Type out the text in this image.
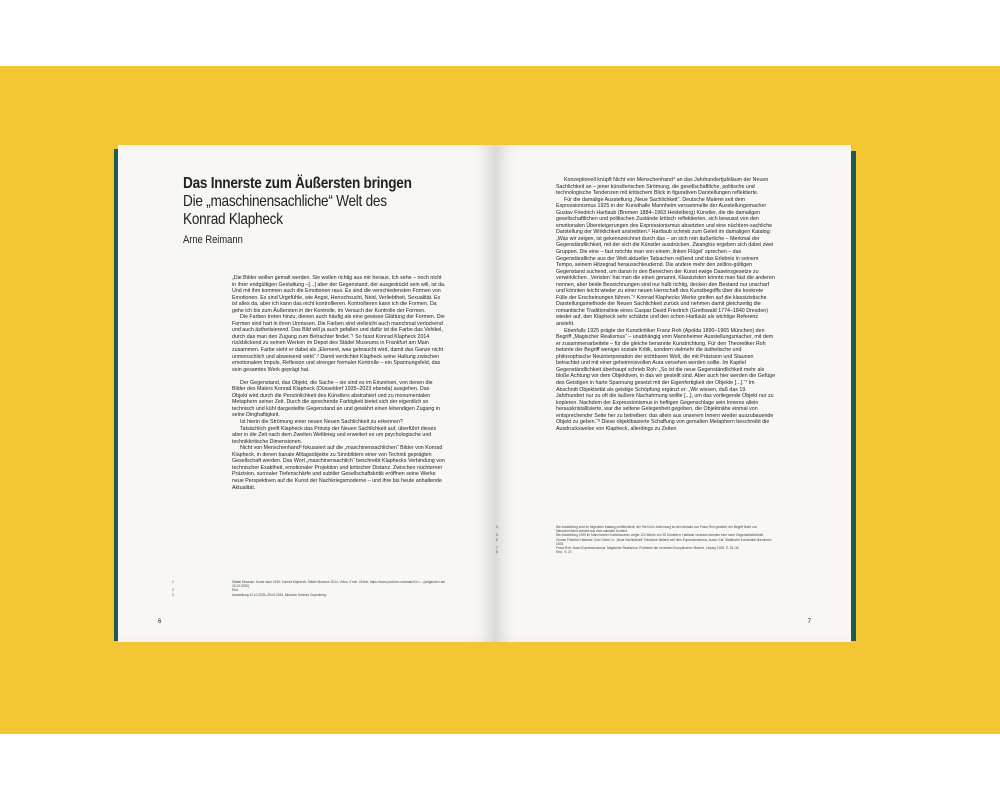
Das Innerste zum Äußersten bringen
Die „maschinensachliche“ Welt des Konrad Klapheck
Arne Reimann

„Die Bilder wollen gemalt werden. Sie wollen richtig aus mir heraus. Ich sehe – noch nicht in ihrer endgültigen Gestaltung –[...] aber der Gegenstand, der ausgedrückt sein will, ist da. Und mit ihm kommen auch die Emotionen raus. Es sind die verschiedensten Formen von Emotionen. Es sind Urgefühle, wie Angst, Herrschsucht, Neid, Verliebtheit, Sexualität. Es ist alles da, aber ich kann das nicht kontrollieren. Kontrollieren kann ich die Formen. Da gehe ich bis zum Äußersten in der Kontrolle, im Versuch der Kontrolle der Formen.

Die Farben treten hinzu, dienen auch häufig als eine gewisse Glättung der Formen. Die Formen sind hart in ihren Umrissen. Die Farben sind vielleicht auch manchmal verlockend und auch ästhetisierend. Das Bild will ja auch gefallen und dafür ist die Farbe das Vehikel, durch das man den Zugang zum Betrachter findet.“¹ So fasst Konrad Klapheck 2014 rückblickend zu seinen Werken im Depot des Städel Museums in Frankfurt am Main zusammen. Farbe sieht er dabei als „Element, was gebraucht wird, damit das Ganze nicht unmenschlich und abweisend wirkt“.² Damit verdichtet Klapheck seine Haltung zwischen emotionalem Impuls, Reflexion und strenger formaler Kontrolle – ein Spannungsfeld, das sein gesamtes Werk geprägt hat.

Der Gegenstand, das Objekt, die Sache – sie sind es im Einzelnen, von denen die Bilder des Malers Konrad Klapheck (Düsseldorf 1935–2023 ebenda) ausgehen. Das Objekt wird durch die Persönlichkeit des Künstlers abstrahiert und zu monumentalen Metaphern seiner Zeit. Durch die sprechende Farbigkeit bietet sich der eigentlich so technisch und kühl dargestellte Gegenstand an und gewährt einen lebendigen Zugang in seine Dinghaftigkeit.

Ist hierin die Strömung einer neuen Neuen Sachlichkeit zu erkennen?

Tatsächlich greift Klapheck das Prinzip der Neuen Sachlichkeit auf, überführt dieses aber in die Zeit nach dem Zweiten Weltkrieg und erweitert es um psychologische und technikkritische Dimensionen.

Nicht von Menschenhand³ fokussiert auf die „maschinensachlichen“ Bilder von Konrad Klapheck, in denen banale Alltagsobjekte zu Sinnbildern einer von Technik geprägten Gesellschaft werden. Das Wort „maschinensachlich“ beschreibt Klaphecks Verbindung von technischer Exaktheit, emotionaler Projektion und kritischer Distanz. Zwischen nüchterner Präzision, surrealer Tiefenschärfe und subtiler Gesellschaftskritik eröffnen seine Werke neue Perspektiven auf die Kunst der Nachkriegsmoderne – und ihre bis heute anhaltende Aktualität.

1	Städel Museum: Kunst nach 1945: Konrad Klapheck. Städel Museum 2014. Video, 3 min. Online: https://www.youtube.com/watch?v=... (aufgerufen am 15.10.2025).
2	Ebd.
3	Ausstellung 10.10.2025–25.04.2026, Museum Schloss Gopenberg.
6

Konzeptionell knüpft Nicht von Menschenhand⁴ an das Jahrhundertjubiläum der Neuen Sachlichkeit an – jener künstlerischen Strömung, die gesellschaftliche, politische und technologische Tendenzen mit kritischem Blick in figurativen Darstellungen reflektierte.

Für die damalige Ausstellung „Neue Sachlichkeit“. Deutsche Malerei seit dem Expressionismus 1925 in der Kunsthalle Mannheim versammelte der Ausstellungsmacher Gustav Friedrich Hartlaub (Bremen 1884–1963 Heidelberg) Künstler, die die damaligen gesellschaftlichen und politischen Zustände kritisch reflektierten, sich bewusst von den emotionalen Übersteigerungen des Expressionismus absetzten und eine nüchtern-sachliche Darstellung der Wirklichkeit anstrebten.⁵ Hartlaub schrieb zum Geleit im damaligen Katalog: „Was wir zeigen, ist gekennzeichnet durch das – an sich rein äußerliche – Merkmal der Gegenständlichkeit, mit der sich die Künstler ausdrücken. Zwanglos ergeben sich dabei zwei Gruppen. Die eine – fast möchte man von einem ‚linken Flügel‘ sprechen – das Gegenständliche aus der Welt aktueller Tatsachen reißend und das Erlebnis in seinem Tempo, seinem Hitzegrad herausschleudernd. Die andere mehr den zeitlos-gültigen Gegenstand suchend, um daran in den Bereichen der Kunst ewige Daseinsgesetze zu verwirklichen. ‚Veristen‘ hat man die einen genannt, Klassizisten könnte man fast die anderen nennen, aber beide Bezeichnungen sind nur halb richtig, decken den Bestand nur unscharf und könnten leicht wieder zu einer neuen Herrschaft des Kunstbegriffs über die konkrete Fülle der Erscheinungen führen.“⁶ Konrad Klaphecks Werke greifen auf die klassizistische Darstellungsmethode der Neuen Sachlichkeit zurück und nehmen damit gleichzeitig die romantische Traditionslinie eines Caspar David Friedrich (Greifswald 1774–1840 Dresden) wieder auf, den Klapheck sehr schätzte und den schon Hartlaub als wichtige Referenz ansieht.

Ebenfalls 1925 prägte der Kunstkritiker Franz Roh (Apolda 1890–1965 München) den Begriff „Magischer Realismus“ – unabhängig vom Mannheimer Ausstellungsmacher, mit dem er zusammenarbeitete – für die gleiche benannte Kunstrichtung. Für den Theoretiker Roh betonte der Begriff weniger soziale Kritik, sondern vielmehr die ästhetische und philosophische Neuinterpretation der sichtbaren Welt, die mit Präzision und Staunen betrachtet und mit einer geheimnisvollen Aura versehen werden sollte. Im Kapitel Gegenständlichkeit überhaupt schrieb Roh: „So ist die neue Gegenständlichkeit mehr als bloße Achtung vor dem Objektiven, in das wir gestellt sind. Aber auch hier werden die Gefüge des Geistigen in harte Spannung gesetzt mit der Eigenfertigkeit der Objekte [...].“⁷ Im Abschnitt Objektivität als geistige Schöpfung ergänzt er: „Wir wissen, daß das 19. Jahrhundert nur zu oft die äußere Nachahmung wollte [...], um das vorliegende Objekt nur zu kopieren. Nachdem der Expressionismus in heftigen Gegenschlage sein Inneres allein herauskristallisierte, war die seltene Gelegenheit gegeben, die Objektnähe einmal von entsprechender Seite her zu betreiben: das allein aus unserem Innern wieder auszubauende Objekt zu geben.“⁸ Diese objektbasierte Schaffung von gemalten Metaphern beschreibt die Ausdruckswelse von Klapheck, allerdings zu Zeiten

4	Die Ausstellung wird im folgenden Katalog veröffentlicht, der Titel ist in Anlehnung an den Aufsatz von Franz Roh gewählt, der Begriff Nicht von Menschenhand stammt aus dem sakralen Kontext.
5	Die Ausstellung 1925 im Mannheimer Kunstmuseum zeigte 124 Werke von 32 Künstlern; Hartlaub verstand darunter eine neue Gegenständlichkeit.
6	Gustav Friedrich Hartlaub: Zum Geleit, in: „Neue Sachlichkeit“ Deutsche Malerei seit dem Expressionismus, Ausst.-Kat. Städtische Kunsthalle Mannheim 1925.
7	Franz Roh: Nach-Expressionismus. Magischer Realismus. Probleme der neuesten Europäischen Malerei, Leipzig 1925, S. 33–34.
8	Ebd., S. 37.
7
